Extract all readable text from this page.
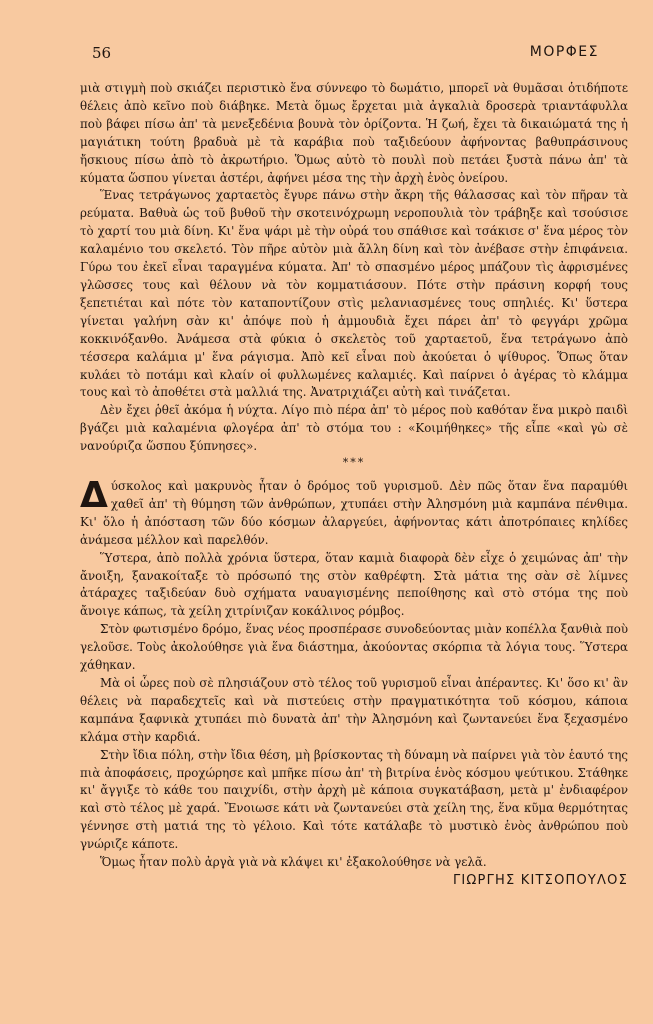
56	ΜΟΡΦΕΣ

μιὰ στιγμὴ ποὺ σκιάζει περιστικὸ ἕνα σύννεφο τὸ δωμάτιο, μπορεῖ νὰ θυμᾶσαι ὁτιδήποτε θέλεις ἀπὸ κεῖνο ποὺ διάβηκε. Μετὰ ὅμως ἔρχεται μιὰ ἀγκαλιὰ δροσερὰ τριαντάφυλλα ποὺ βάφει πίσω ἀπ' τὰ μενεξεδένια βουνὰ τὸν ὁρίζοντα. Ἡ ζωή, ἔχει τὰ δικαιώματά της ἡ μαγιάτικη τούτη βραδυὰ μὲ τὰ καράβια ποὺ ταξιδεύουν ἀφήνοντας βαθυπράσινους ἤσκιους πίσω ἀπὸ τὸ ἀκρωτήριο. Ὅμως αὐτὸ τὸ πουλὶ ποὺ πετάει ξυστὰ πάνω ἀπ' τὰ κύματα ὥσπου γίνεται ἀστέρι, ἀφήνει μέσα της τὴν ἀρχὴ ἑνὸς ὀνείρου.

Ἕνας τετράγωνος χαρταετὸς ἔγυρε πάνω στὴν ἄκρη τῆς θάλασσας καὶ τὸν πῆραν τὰ ρεύματα. Βαθυὰ ὡς τοῦ βυθοῦ τὴν σκοτεινόχρωμη νεροπουλιὰ τὸν τράβηξε καὶ τσούσισε τὸ χαρτί του μιὰ δίνη. Κι' ἕνα ψάρι μὲ τὴν οὐρά του σπάθισε καὶ τσάκισε σ' ἕνα μέρος τὸν καλαμένιο του σκελετό. Τὸν πῆρε αὐτὸν μιὰ ἄλλη δίνη καὶ τὸν ἀνέβασε στὴν ἐπιφάνεια. Γύρω του ἐκεῖ εἶναι ταραγμένα κύματα. Ἀπ' τὸ σπασμένο μέρος μπάζουν τὶς ἀφρισμένες γλῶσσες τους καὶ θέλουν νὰ τὸν κομματιάσουν. Πότε στὴν πράσινη κορφή τους ξεπετιέται καὶ πότε τὸν καταποντίζουν στὶς μελανιασμένες τους σπηλιές. Κι' ὕστερα γίνεται γαλήνη σὰν κι' ἀπόψε ποὺ ἡ ἀμμουδιὰ ἔχει πάρει ἀπ' τὸ φεγγάρι χρῶμα κοκκινόξανθο. Ἀνάμεσα στὰ φύκια ὁ σκελετὸς τοῦ χαρταετοῦ, ἕνα τετράγωνο ἀπὸ τέσσερα καλάμια μ' ἕνα ράγισμα. Ἀπὸ κεῖ εἶναι ποὺ ἀκούεται ὁ ψίθυρος. Ὅπως ὅταν κυλάει τὸ ποτάμι καὶ κλαίν οἱ φυλλωμένες καλαμιές. Καὶ παίρνει ὁ ἀγέρας τὸ κλάμμα τους καὶ τὸ ἀποθέτει στὰ μαλλιά της. Ἀνατριχιάζει αὐτὴ καὶ τινάζεται.

Δὲν ἔχει ῥθεῖ ἀκόμα ἡ νύχτα. Λίγο πιὸ πέρα ἀπ' τὸ μέρος ποὺ καθόταν ἕνα μικρὸ παιδὶ βγάζει μιὰ καλαμένια φλογέρα ἀπ' τὸ στόμα του : «Κοιμήθηκες» τῆς εἶπε «καὶ γὼ σὲ νανούριζα ὥσπου ξύπνησες».

***

Δύσκολος καὶ μακρυνὸς ἦταν ὁ δρόμος τοῦ γυρισμοῦ. Δὲν πῶς ὅταν ἕνα παραμύθι χαθεῖ ἀπ' τὴ θύμηση τῶν ἀνθρώπων, χτυπάει στὴν Ἀλησμόνη μιὰ καμπάνα πένθιμα. Κι' ὅλο ἡ ἀπόσταση τῶν δύο κόσμων ἀλαργεύει, ἀφήνοντας κάτι ἀποτρόπαιες κηλίδες ἀνάμεσα μέλλον καὶ παρελθόν.

Ὕστερα, ἀπὸ πολλὰ χρόνια ὕστερα, ὅταν καμιὰ διαφορὰ δὲν εἶχε ὁ χειμώνας ἀπ' τὴν ἄνοιξη, ξανακοίταξε τὸ πρόσωπό της στὸν καθρέφτη. Στὰ μάτια της σὰν σὲ λίμνες ἀτάραχες ταξιδεύαν δυὸ σχήματα ναυαγισμένης πεποίθησης καὶ στὸ στόμα της ποὺ ἄνοιγε κάπως, τὰ χείλη χιτρίνιζαν κοκάλινος ρόμβος.

Στὸν φωτισμένο δρόμο, ἕνας νέος προσπέρασε συνοδεύοντας μιὰν κοπέλλα ξανθιὰ ποὺ γελοῦσε. Τοὺς ἀκολούθησε γιὰ ἕνα διάστημα, ἀκούοντας σκόρπια τὰ λόγια τους. Ὕστερα χάθηκαν.

Μὰ οἱ ὧρες ποὺ σὲ πλησιάζουν στὸ τέλος τοῦ γυρισμοῦ εἶναι ἀπέραντες. Κι' ὅσο κι' ἂν θέλεις νὰ παραδεχτεῖς καὶ νὰ πιστεύεις στὴν πραγματικότητα τοῦ κόσμου, κάποια καμπάνα ξαφνικὰ χτυπάει πιὸ δυνατὰ ἀπ' τὴν Ἀλησμόνη καὶ ζωντανεύει ἕνα ξεχασμένο κλάμα στὴν καρδιά.

Στὴν ἴδια πόλη, στὴν ἴδια θέση, μὴ βρίσκοντας τὴ δύναμη νὰ παίρνει γιὰ τὸν ἑαυτό της πιὰ ἀποφάσεις, προχώρησε καὶ μπῆκε πίσω ἀπ' τὴ βιτρίνα ἑνὸς κόσμου ψεύτικου. Στάθηκε κι' ἄγγιξε τὸ κάθε του παιχνίδι, στὴν ἀρχὴ μὲ κάποια συγκατάβαση, μετὰ μ' ἐνδιαφέρον καὶ στὸ τέλος μὲ χαρά. Ἔνοιωσε κάτι νὰ ζωντανεύει στὰ χείλη της, ἕνα κῦμα θερμότητας γέννησε στὴ ματιά της τὸ γέλοιο. Καὶ τότε κατάλαβε τὸ μυστικὸ ἑνὸς ἀνθρώπου ποὺ γνώριζε κάποτε.

Ὅμως ἦταν πολὺ ἀργὰ γιὰ νὰ κλάψει κι' ἐξακολούθησε νὰ γελᾶ.

ΓΙΩΡΓΗΣ ΚΙΤΣΟΠΟΥΛΟΣ
